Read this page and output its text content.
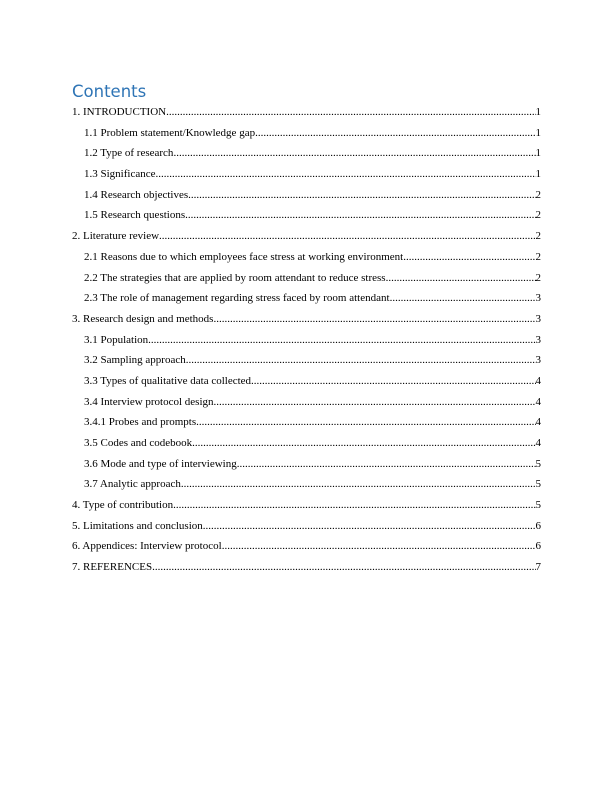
Contents
1. INTRODUCTION .....	1
1.1 Problem statement/Knowledge gap .....	1
1.2 Type of research .....	1
1.3 Significance .....	1
1.4 Research objectives .....	2
1.5 Research questions .....	2
2. Literature review .....	2
2.1 Reasons due to which employees face stress at working environment .....	2
2.2 The strategies that are applied by room attendant to reduce stress .....	2
2.3 The role of management regarding stress faced by room attendant .....	3
3. Research design and methods .....	3
3.1 Population .....	3
3.2 Sampling approach .....	3
3.3 Types of qualitative data collected .....	4
3.4 Interview protocol design .....	4
3.4.1 Probes and prompts .....	4
3.5 Codes and codebook .....	4
3.6 Mode and type of interviewing .....	5
3.7 Analytic approach .....	5
4. Type of contribution .....	5
5. Limitations and conclusion .....	6
6. Appendices: Interview protocol .....	6
7. REFERENCES .....	7
